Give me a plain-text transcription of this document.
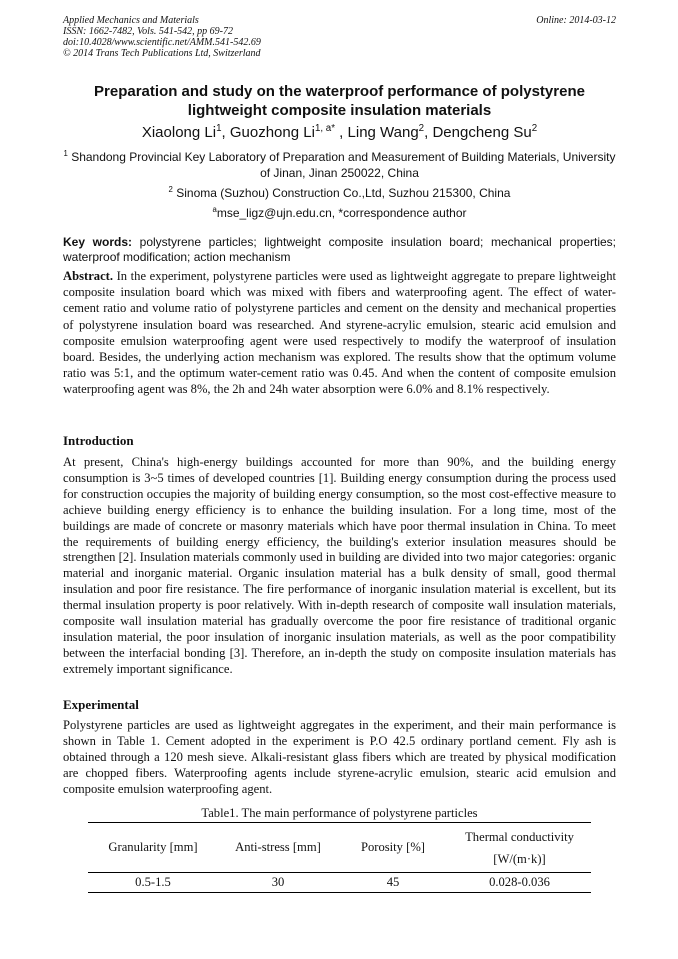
Applied Mechanics and Materials
ISSN: 1662-7482, Vols. 541-542, pp 69-72
doi:10.4028/www.scientific.net/AMM.541-542.69
© 2014 Trans Tech Publications Ltd, Switzerland
Online: 2014-03-12
Preparation and study on the waterproof performance of polystyrene lightweight composite insulation materials
Xiaolong Li$^1$, Guozhong $Li^{1, a*}$ , Ling Wang$^2$, Dengcheng Su$^2$
$^1$ Shandong Provincial Key Laboratory of Preparation and Measurement of Building Materials, University of Jinan, Jinan 250022, China
$^2$ Sinoma (Suzhou) Construction Co.,Ltd, Suzhou 215300, China
$^a$mse_ligz@ujn.edu.cn, *correspondence author
Key words: polystyrene particles; lightweight composite insulation board; mechanical properties; waterproof modification; action mechanism
Abstract. In the experiment, polystyrene particles were used as lightweight aggregate to prepare lightweight composite insulation board which was mixed with fibers and waterproofing agent. The effect of water-cement ratio and volume ratio of polystyrene particles and cement on the density and mechanical properties of polystyrene insulation board was researched. And styrene-acrylic emulsion, stearic acid emulsion and composite emulsion waterproofing agent were used respectively to modify the waterproof of insulation board. Besides, the underlying action mechanism was explored. The results show that the optimum volume ratio was 5:1, and the optimum water-cement ratio was 0.45. And when the content of composite emulsion waterproofing agent was 8%, the 2h and 24h water absorption were 6.0% and 8.1% respectively.
Introduction
At present, China's high-energy buildings accounted for more than 90%, and the building energy consumption is 3~5 times of developed countries [1]. Building energy consumption during the process used for construction occupies the majority of building energy consumption, so the most cost-effective measure to achieve building energy efficiency is to enhance the building insulation. For a long time, most of the buildings are made of concrete or masonry materials which have poor thermal insulation in China. To meet the requirements of building energy efficiency, the building's exterior insulation measures should be strengthen [2]. Insulation materials commonly used in building are divided into two major categories: organic material and inorganic material. Organic insulation material has a bulk density of small, good thermal insulation and poor fire resistance. The fire performance of inorganic insulation material is excellent, but its thermal insulation property is poor relatively. With in-depth research of composite wall insulation materials, composite wall insulation material has gradually overcome the poor fire resistance of traditional organic insulation material, the poor insulation of inorganic insulation materials, as well as the poor compatibility between the interfacial bonding [3]. Therefore, an in-depth the study on composite insulation materials has extremely important significance.
Experimental
Polystyrene particles are used as lightweight aggregates in the experiment, and their main performance is shown in Table 1. Cement adopted in the experiment is P.O 42.5 ordinary portland cement. Fly ash is obtained through a 120 mesh sieve. Alkali-resistant glass fibers which are treated by physical modification are chopped fibers. Waterproofing agents include styrene-acrylic emulsion, stearic acid emulsion and composite emulsion waterproofing agent.
Table1. The main performance of polystyrene particles
Granularity [mm]	Anti-stress [mm]	Porosity [%]	Thermal conductivity
[W/(m·k)]

0.5-1.5	30	45	0.028-0.036
